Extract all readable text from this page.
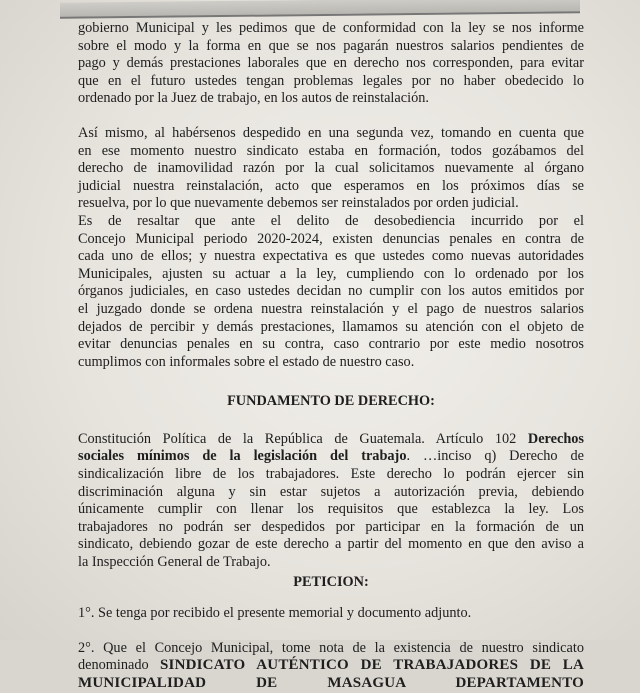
gobierno Municipal y les pedimos que de conformidad con la ley se nos informe
sobre el modo y la forma en que se nos pagarán nuestros salarios pendientes de
pago y demás prestaciones laborales que en derecho nos corresponden, para evitar
que en el futuro ustedes tengan problemas legales por no haber obedecido lo
ordenado por la Juez de trabajo, en los autos de reinstalación.

Así mismo, al habérsenos despedido en una segunda vez, tomando en cuenta que
en ese momento nuestro sindicato estaba en formación, todos gozábamos del
derecho de inamovilidad razón por la cual solicitamos nuevamente al órgano
judicial nuestra reinstalación, acto que esperamos en los próximos días se
resuelva, por lo que nuevamente debemos ser reinstalados por orden judicial.

Es de resaltar que ante el delito de desobediencia incurrido por el
Concejo Municipal periodo 2020-2024, existen denuncias penales en contra de
cada uno de ellos; y nuestra expectativa es que ustedes como nuevas autoridades
Municipales, ajusten su actuar a la ley, cumpliendo con lo ordenado por los
órganos judiciales, en caso ustedes decidan no cumplir con los autos emitidos por
el juzgado donde se ordena nuestra reinstalación y el pago de nuestros salarios
dejados de percibir y demás prestaciones, llamamos su atención con el objeto de
evitar denuncias penales en su contra, caso contrario por este medio nosotros
cumplimos con informales sobre el estado de nuestro caso.

FUNDAMENTO DE DERECHO:

Constitución Política de la República de Guatemala. Artículo 102 Derechos
sociales mínimos de la legislación del trabajo. …inciso q) Derecho de
sindicalización libre de los trabajadores. Este derecho lo podrán ejercer sin
discriminación alguna y sin estar sujetos a autorización previa, debiendo
únicamente cumplir con llenar los requisitos que establezca la ley. Los
trabajadores no podrán ser despedidos por participar en la formación de un
sindicato, debiendo gozar de este derecho a partir del momento en que den aviso a
la Inspección General de Trabajo.

PETICION:

1°. Se tenga por recibido el presente memorial y documento adjunto.

2°. Que el Concejo Municipal, tome nota de la existencia de nuestro sindicato
denominado SINDICATO AUTÉNTICO DE TRABAJADORES DE LA
MUNICIPALIDAD DE MASAGUA DEPARTAMENTO
